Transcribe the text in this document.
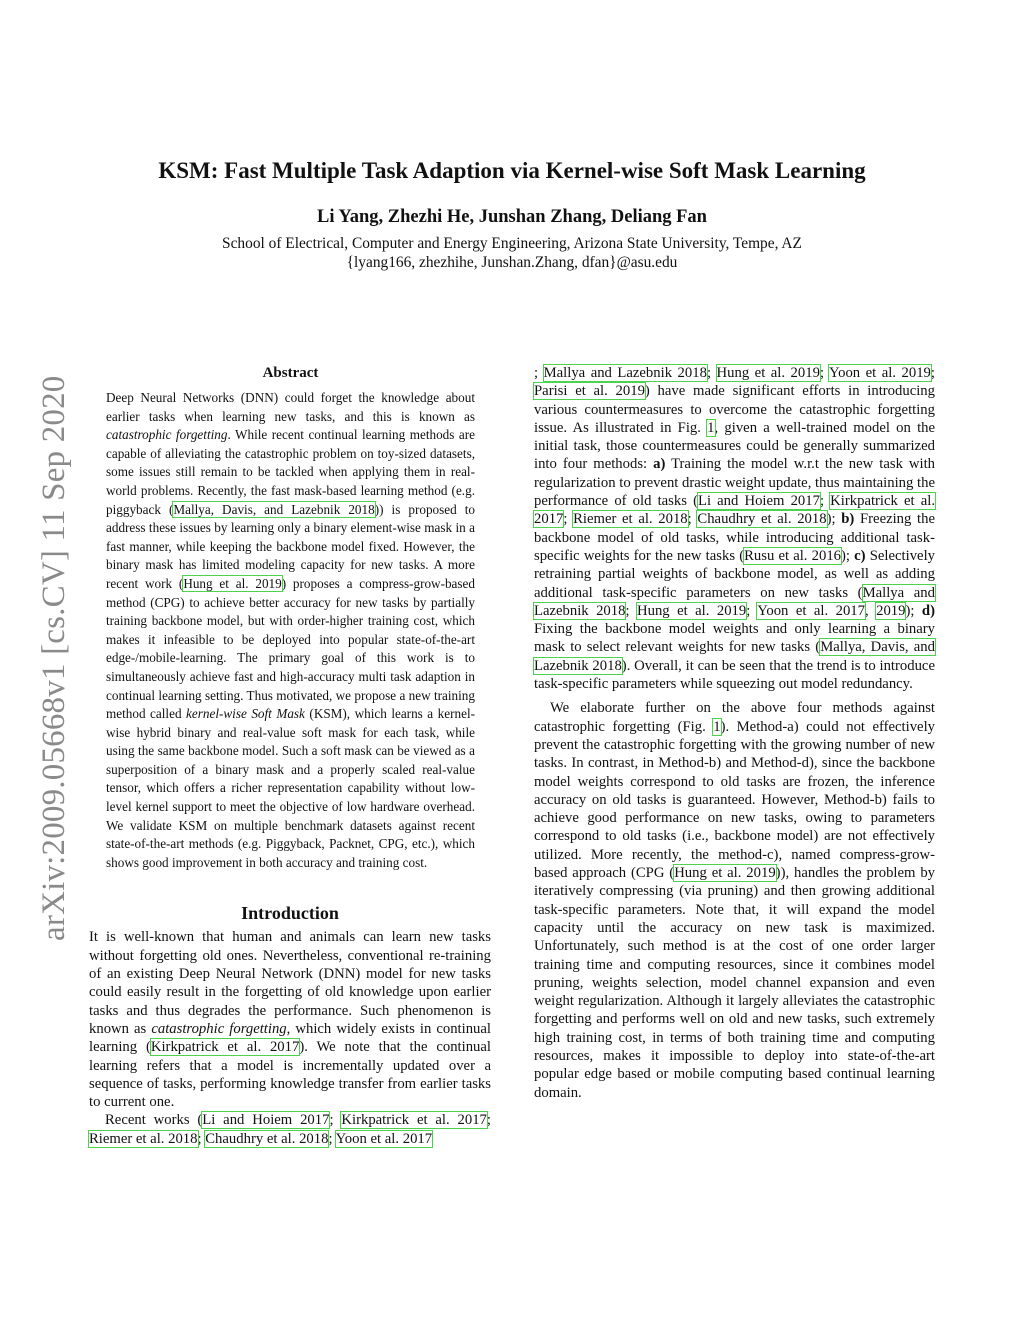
arXiv:2009.05668v1 [cs.CV] 11 Sep 2020
KSM: Fast Multiple Task Adaption via Kernel-wise Soft Mask Learning
Li Yang, Zhezhi He, Junshan Zhang, Deliang Fan
School of Electrical, Computer and Energy Engineering, Arizona State University, Tempe, AZ
{lyang166, zhezhihe, Junshan.Zhang, dfan}@asu.edu
Abstract

Deep Neural Networks (DNN) could forget the knowledge about earlier tasks when learning new tasks, and this is known as catastrophic forgetting. While recent continual learning methods are capable of alleviating the catastrophic problem on toy-sized datasets, some issues still remain to be tackled when applying them in real-world problems. Recently, the fast mask-based learning method (e.g. piggyback (Mallya, Davis, and Lazebnik 2018)) is proposed to address these issues by learning only a binary element-wise mask in a fast manner, while keeping the backbone model fixed. However, the binary mask has limited modeling capacity for new tasks. A more recent work (Hung et al. 2019) proposes a compress-grow-based method (CPG) to achieve better accuracy for new tasks by partially training backbone model, but with order-higher training cost, which makes it infeasible to be deployed into popular state-of-the-art edge-/mobile-learning. The primary goal of this work is to simultaneously achieve fast and high-accuracy multi task adaption in continual learning setting. Thus motivated, we propose a new training method called kernel-wise Soft Mask (KSM), which learns a kernel-wise hybrid binary and real-value soft mask for each task, while using the same backbone model. Such a soft mask can be viewed as a superposition of a binary mask and a properly scaled real-value tensor, which offers a richer representation capability without low-level kernel support to meet the objective of low hardware overhead. We validate KSM on multiple benchmark datasets against recent state-of-the-art methods (e.g. Piggyback, Packnet, CPG, etc.), which shows good improvement in both accuracy and training cost.

Introduction

It is well-known that human and animals can learn new tasks without forgetting old ones. Nevertheless, conventional re-training of an existing Deep Neural Network (DNN) model for new tasks could easily result in the forgetting of old knowledge upon earlier tasks and thus degrades the performance. Such phenomenon is known as catastrophic forgetting, which widely exists in continual learning (Kirkpatrick et al. 2017). We note that the continual learning refers that a model is incrementally updated over a sequence of tasks, performing knowledge transfer from earlier tasks to current one.

Recent works (Li and Hoiem 2017; Kirkpatrick et al. 2017; Riemer et al. 2018; Chaudhry et al. 2018; Yoon et al. 2017

; Mallya and Lazebnik 2018; Hung et al. 2019; Yoon et al. 2019; Parisi et al. 2019) have made significant efforts in introducing various countermeasures to overcome the catastrophic forgetting issue. As illustrated in Fig. 1, given a well-trained model on the initial task, those countermeasures could be generally summarized into four methods: a) Training the model w.r.t the new task with regularization to prevent drastic weight update, thus maintaining the performance of old tasks (Li and Hoiem 2017; Kirkpatrick et al. 2017; Riemer et al. 2018; Chaudhry et al. 2018); b) Freezing the backbone model of old tasks, while introducing additional task-specific weights for the new tasks (Rusu et al. 2016); c) Selectively retraining partial weights of backbone model, as well as adding additional task-specific parameters on new tasks (Mallya and Lazebnik 2018; Hung et al. 2019; Yoon et al. 2017, 2019); d) Fixing the backbone model weights and only learning a binary mask to select relevant weights for new tasks (Mallya, Davis, and Lazebnik 2018). Overall, it can be seen that the trend is to introduce task-specific parameters while squeezing out model redundancy.

We elaborate further on the above four methods against catastrophic forgetting (Fig. 1). Method-a) could not effectively prevent the catastrophic forgetting with the growing number of new tasks. In contrast, in Method-b) and Method-d), since the backbone model weights correspond to old tasks are frozen, the inference accuracy on old tasks is guaranteed. However, Method-b) fails to achieve good performance on new tasks, owing to parameters correspond to old tasks (i.e., backbone model) are not effectively utilized. More recently, the method-c), named compress-grow-based approach (CPG (Hung et al. 2019)), handles the problem by iteratively compressing (via pruning) and then growing additional task-specific parameters. Note that, it will expand the model capacity until the accuracy on new task is maximized. Unfortunately, such method is at the cost of one order larger training time and computing resources, since it combines model pruning, weights selection, model channel expansion and even weight regularization. Although it largely alleviates the catastrophic forgetting and performs well on old and new tasks, such extremely high training cost, in terms of both training time and computing resources, makes it impossible to deploy into state-of-the-art popular edge based or mobile computing based continual learning domain.
